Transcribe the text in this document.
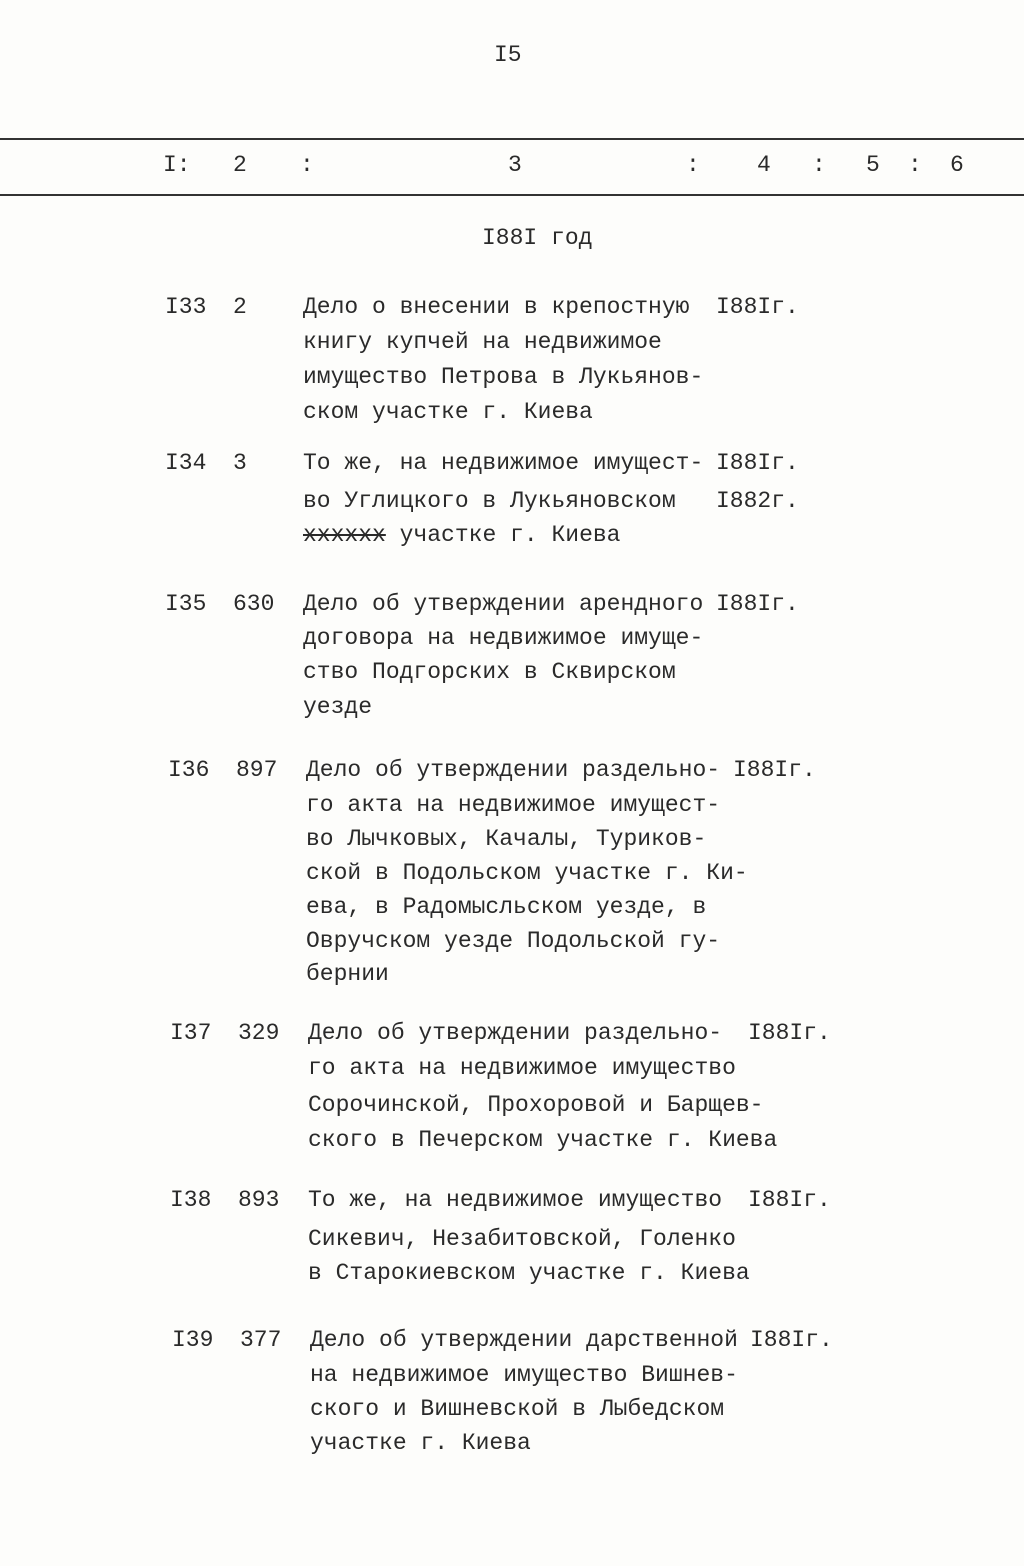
I5
I: 2 :	3	: 4 : 5 : 6
I88I год
I33 2 Дело о внесении в крепостную
книгу купчей на недвижимое
имущество Петрова в Лукьянов-
ском участке г. Киева
I88Iг.
I34 3 То же, на недвижимое имущест-
во Углицкого в Лукьяновском
хххххх участке г. Киева
I88Iг.
I882г.
I35 630 Дело об утверждении арендного
договора на недвижимое имуще-
ство Подгорских в Сквирском
уезде
I88Iг.
I36 897 Дело об утверждении раздельно-
го акта на недвижимое имущест-
во Лычковых, Качалы, Туриков-
ской в Подольском участке г. Ки-
ева, в Радомысльском уезде, в
Овручском уезде Подольской гу-
бернии
I88Iг.
I37 329 Дело об утверждении раздельно-
го акта на недвижимое имущество
Сорочинской, Прохоровой и Барщев-
ского в Печерском участке г. Киева
I88Iг.
I38 893 То же, на недвижимое имущество
Сикевич, Незабитовской, Голенко
в Старокиевском участке г. Киева
I88Iг.
I39 377 Дело об утверждении дарственной
на недвижимое имущество Вишнев-
ского и Вишневской в Лыбедском
участке г. Киева
I88Iг.
